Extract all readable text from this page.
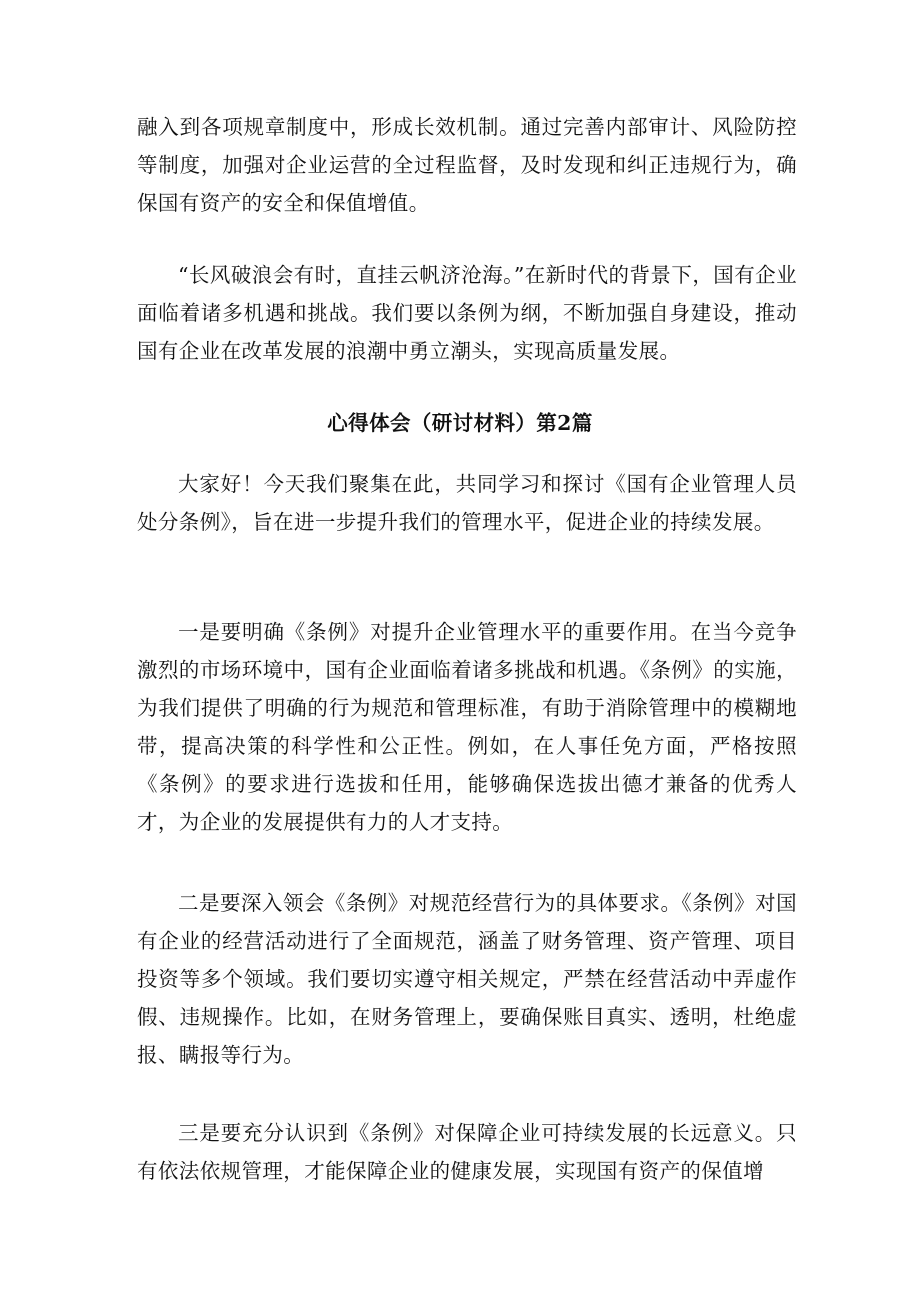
融入到各项规章制度中，形成长效机制。通过完善内部审计、风险防控等制度，加强对企业运营的全过程监督，及时发现和纠正违规行为，确保国有资产的安全和保值增值。

“长风破浪会有时，直挂云帆济沧海。”在新时代的背景下，国有企业面临着诸多机遇和挑战。我们要以条例为纲，不断加强自身建设，推动国有企业在改革发展的浪潮中勇立潮头，实现高质量发展。

心得体会（研讨材料）第2篇

大家好！今天我们聚集在此，共同学习和探讨《国有企业管理人员处分条例》，旨在进一步提升我们的管理水平，促进企业的持续发展。

一是要明确《条例》对提升企业管理水平的重要作用。在当今竞争激烈的市场环境中，国有企业面临着诸多挑战和机遇。《条例》的实施，为我们提供了明确的行为规范和管理标准，有助于消除管理中的模糊地带，提高决策的科学性和公正性。例如，在人事任免方面，严格按照《条例》的要求进行选拔和任用，能够确保选拔出德才兼备的优秀人才，为企业的发展提供有力的人才支持。

二是要深入领会《条例》对规范经营行为的具体要求。《条例》对国有企业的经营活动进行了全面规范，涵盖了财务管理、资产管理、项目投资等多个领域。我们要切实遵守相关规定，严禁在经营活动中弄虚作假、违规操作。比如，在财务管理上，要确保账目真实、透明，杜绝虚报、瞒报等行为。

三是要充分认识到《条例》对保障企业可持续发展的长远意义。只有依法依规管理，才能保障企业的健康发展，实现国有资产的保值增
